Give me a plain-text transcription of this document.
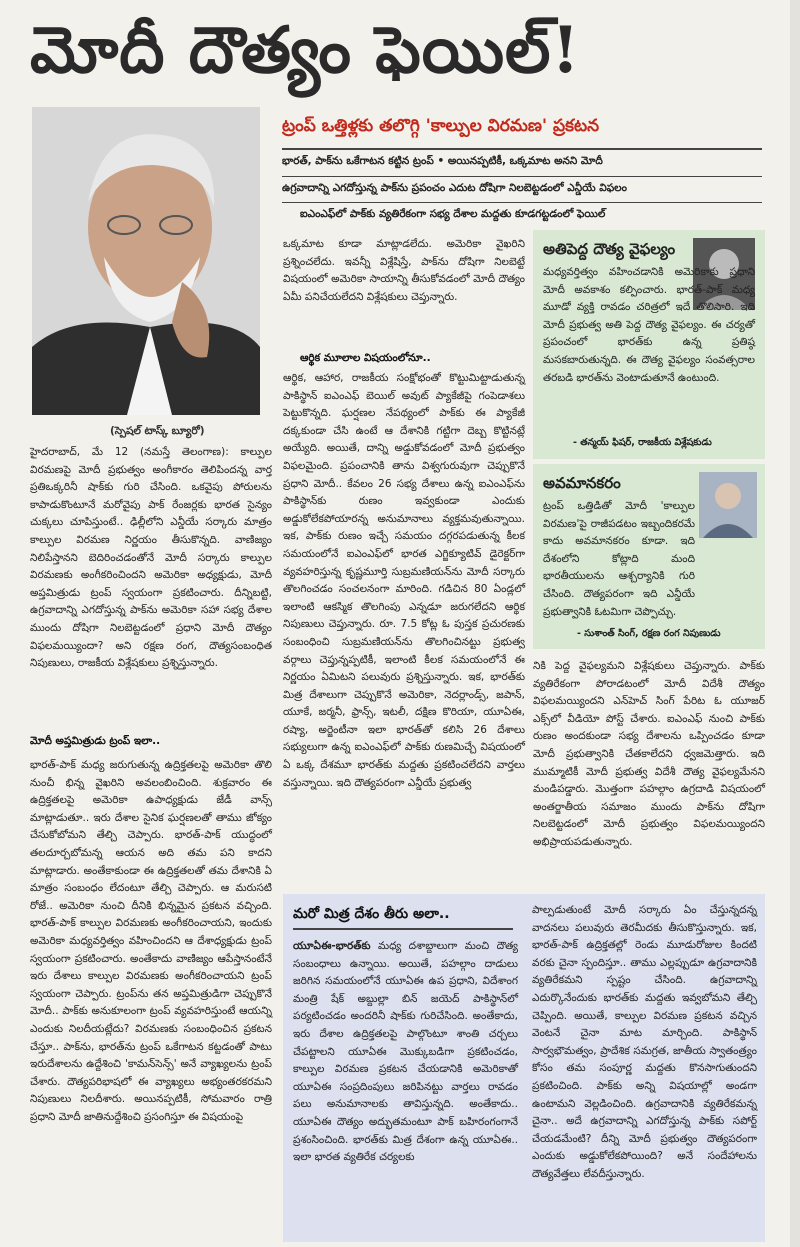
మోదీ దౌత్యం ఫెయిల్!
(స్పెషల్ టాస్క్ బ్యూరో)
ట్రంప్ ఒత్తిళ్లకు తలొగ్గి 'కాల్పుల విరమణ' ప్రకటన
భారత్, పాక్‌ను ఒకేగాటన కట్టిన ట్రంప్ • అయినప్పటికీ, ఒక్కమాట అనని మోదీ
ఉగ్రవాదాన్ని ఎగదోస్తున్న పాక్‌ను ప్రపంచం ఎదుట దోషిగా నిలబెట్టడంలో ఎన్డీయే విఫలం
ఐఎంఎఫ్‌లో పాక్‌కు వ్యతిరేకంగా సభ్య దేశాల మద్దతు కూడగట్టడంలో ఫెయిల్
హైదరాబాద్, మే 12 (నమస్తే తెలంగాణ): కాల్పుల విరమణపై మోదీ ప్రభుత్వం అంగీకారం తెలిపిందన్న వార్త ప్రతిఒక్కరినీ షాక్‌కు గురి చేసింది. ఒకవైపు పోరులను కాపాడుకొంటూనే మరోవైపు పాక్ రేంజర్లకు భారత సైన్యం చుక్కలు చూపిస్తుంటే.. ఢిల్లీలోని ఎన్డీయే సర్కారు మాత్రం కాల్పుల విరమణ నిర్ణయం తీసుకొన్నది. వాణిజ్యం నిలిపేస్తానని బెదిరించడంతోనే మోదీ సర్కారు కాల్పుల విరమణకు అంగీకరించిందని అమెరికా అధ్యక్షుడు, మోదీ అప్తమిత్రుడు ట్రంప్ స్వయంగా ప్రకటించారు. దీన్నిబట్టి, ఉగ్రవాదాన్ని ఎగదోస్తున్న పాక్‌ను అమెరికా సహా సభ్య దేశాల ముందు దోషిగా నిలబెట్టడంలో ప్రధాని మోదీ దౌత్యం విఫలమయ్యిందా? అని రక్షణ రంగ, దౌత్యసంబంధిత నిపుణులు, రాజకీయ విశ్లేషకులు ప్రశ్నిస్తున్నారు.
మోదీ అప్తమిత్రుడు ట్రంప్ ఇలా..
భారత్-పాక్ మధ్య జరుగుతున్న ఉద్రిక్తతలపై అమెరికా తొలి నుంచీ భిన్న వైఖరిని అవలంబించింది. శుక్రవారం ఈ ఉద్రిక్తతలపై అమెరికా ఉపాధ్యక్షుడు జేడీ వాన్స్ మాట్లాడుతూ.. ఇరు దేశాల సైనిక ఘర్షణలతో తాము జోక్యం చేసుకోబోమని తేల్చి చెప్పారు. భారత్-పాక్ యుద్ధంలో తలదూర్చబోమన్న ఆయన అది తమ పని కాదని మాట్లాడారు. అంతేకాకుండా ఈ ఉద్రిక్తతలతో తమ దేశానికి ఏ మాత్రం సంబంధం లేదంటూ తేల్చి చెప్పారు. ఆ మరుసటి రోజే.. అమెరికా నుంచి దీనికి భిన్నమైన ప్రకటన వచ్చింది. భారత్-పాక్ కాల్పుల విరమణకు అంగీకరించాయని, ఇందుకు అమెరికా మధ్యవర్తిత్వం వహించిందని ఆ దేశాధ్యక్షుడు ట్రంప్ స్వయంగా ప్రకటించారు. అంతేకాదు వాణిజ్యం ఆపేస్తానంటేనే ఇరు దేశాలు కాల్పుల విరమణకు అంగీకరించాయని ట్రంప్ స్వయంగా చెప్పారు. ట్రంప్‌ను తన అప్తమిత్రుడిగా చెప్పుకొనే మోదీ.. పాక్‌కు అనుకూలంగా ట్రంప్ వ్యవహరిస్తుంటే ఆయన్ని ఎందుకు నిలదీయట్లేదు? విరమణకు సంబంధించిన ప్రకటన చేస్తూ.. పాక్‌ను, భారత్‌ను ట్రంప్ ఒకేగాటన కట్టడంతో పాటు ఇరుదేశాలను ఉద్దేశించి 'కామన్‌సెన్స్' అనే వ్యాఖ్యలను ట్రంప్ చేశారు. దౌత్యపరిభాషలో ఈ వ్యాఖ్యలు అభ్యంతరకరమని నిపుణులు నిలదీశారు. అయినప్పటికీ, సోమవారం రాత్రి ప్రధాని మోదీ జాతినుద్దేశించి ప్రసంగిస్తూ ఈ విషయంపై
ఒక్కమాట కూడా మాట్లాడలేదు. అమెరికా వైఖరిని ప్రశ్నించలేదు. ఇవన్నీ విశ్లేషిస్తే, పాక్‌ను దోషిగా నిలబెట్టే విషయంలో అమెరికా సాయాన్ని తీసుకోవడంలో మోదీ దౌత్యం ఏమీ పనిచేయలేదని విశ్లేషకులు చెప్తున్నారు.
ఆర్థిక మూలాల విషయంలోనూ..
ఆర్థిక, ఆహార, రాజకీయ సంక్షోభంతో కొట్టుమిట్టాడుతున్న పాకిస్థాన్ ఐఎంఎఫ్ బెయిల్ అవుట్ ప్యాకేజీపై గంపెడాశలు పెట్టుకొన్నది. ఘర్షణల నేపథ్యంలో పాక్‌కు ఈ ప్యాకేజీ దక్కకుండా చేసి ఉంటే ఆ దేశానికి గట్టిగా దెబ్బ కొట్టినట్లే అయ్యేది. అయితే, దాన్ని అడ్డుకోవడంలో మోదీ ప్రభుత్వం విఫలమైంది. ప్రపంచానికి తాను విశ్వగురువుగా చెప్పుకొనే ప్రధాని మోదీ.. కేవలం 26 సభ్య దేశాలు ఉన్న ఐఎంఎఫ్‌ను పాకిస్థాన్‌కు రుణం ఇవ్వకుండా ఎందుకు అడ్డుకోలేకపోయారన్న అనుమానాలు వ్యక్తమవుతున్నాయి. ఇక, పాక్‌కు రుణం ఇచ్చే సమయం దగ్గరపడుతున్న కీలక సమయంలోనే ఐఎంఎఫ్‌లో భారత ఎగ్జిక్యూటివ్ డైరెక్టర్‌గా వ్యవహరిస్తున్న కృష్ణమూర్తి సుబ్రమణియన్‌ను మోదీ సర్కారు తొలగించడం సంచలనంగా మారింది. గడిచిన 80 ఏండ్లలో ఇలాంటి ఆకస్మిక తొలగింపు ఎన్నడూ జరుగలేదని ఆర్థిక నిపుణులు చెప్తున్నారు. రూ. 7.5 కోట్ల ఓ పుస్తక ప్రచురణకు సంబంధించి సుబ్రమణియన్‌ను తొలగించినట్టు ప్రభుత్వ వర్గాలు చెప్తున్నప్పటికీ, ఇలాంటి కీలక సమయంలోనే ఈ నిర్ణయం ఏమిటని పలువురు ప్రశ్నిస్తున్నారు. ఇక, భారత్‌కు మిత్ర దేశాలుగా చెప్పుకొనే అమెరికా, నెదర్లాండ్స్, జపాన్, యూకే, జర్మనీ, ఫ్రాన్స్, ఇటలీ, దక్షిణ కొరియా, యూఏఈ, రష్యా, అర్జెంటీనా ఇలా భారత్‌తో కలిసి 26 దేశాలు సభ్యులుగా ఉన్న ఐఎంఎఫ్‌లో పాక్‌కు రుణమిచ్చే విషయంలో ఏ ఒక్క దేశమూ భారత్‌కు మద్దతు ప్రకటించలేదని వార్తలు వస్తున్నాయి. ఇది దౌత్యపరంగా ఎన్డీయే ప్రభుత్వ
అతిపెద్ద దౌత్య వైఫల్యం
మధ్యవర్తిత్వం వహించడానికి అమెరికాకు ప్రధాని మోదీ అవకాశం కల్పించారు. భారత్-పాక్ మధ్య మూడో వ్యక్తి రావడం చరిత్రలో ఇదే తొలిసారి. ఇది మోదీ ప్రభుత్వ అతి పెద్ద దౌత్య వైఫల్యం. ఈ చర్యతో ప్రపంచంలో భారత్‌కు ఉన్న ప్రతిష్ఠ మసకబారుతున్నది. ఈ దౌత్య వైఫల్యం సంవత్సరాల తరబడి భారత్‌ను వెంటాడుతూనే ఉంటుంది.
- తన్మయ్ ఫిషర్, రాజకీయ విశ్లేషకుడు
అవమానకరం
ట్రంప్ ఒత్తిడితో మోదీ 'కాల్పుల విరమణ'పై రాజీపడటం ఇబ్బందికరమే కాదు అవమానకరం కూడా. ఇది దేశంలోని కోట్లాది మంది భారతీయులను ఆశ్చర్యానికి గురి చేసింది. దౌత్యపరంగా ఇది ఎన్డీయే ప్రభుత్వానికి ఓటమిగా చెప్పొచ్చు.
- సుశాంత్ సింగ్, రక్షణ రంగ నిపుణుడు
నికి పెద్ద వైఫల్యమని విశ్లేషకులు చెప్తున్నారు. పాక్‌కు వ్యతిరేకంగా పోరాడటంలో మోదీ విదేశీ దౌత్యం విఫలమయ్యిందని ఎన్‌హెచ్ సింగ్ పేరిట ఓ యూజర్ ఎక్స్‌లో వీడియో పోస్ట్ చేశారు. ఐఎంఎఫ్ నుంచి పాక్‌కు రుణం అందకుండా సభ్య దేశాలను ఒప్పించడం కూడా మోదీ ప్రభుత్వానికి చేతకాలేదని ధ్వజమెత్తారు. ఇది ముమ్మాటికీ మోదీ ప్రభుత్వ విదేశీ దౌత్య వైఫల్యమేనని మండిపడ్డారు. మొత్తంగా పహల్గాం ఉగ్రదాడి విషయంలో అంతర్జాతీయ సమాజం ముందు పాక్‌ను దోషిగా నిలబెట్టడంలో మోదీ ప్రభుత్వం విఫలమయ్యిందని అభిప్రాయపడుతున్నారు.
మరో మిత్ర దేశం తీరు అలా..
యూఏఈ-భారత్‌కు మధ్య దశాబ్దాలుగా మంచి దౌత్య సంబంధాలు ఉన్నాయి. అయితే, పహల్గాం దాడులు జరిగిన సమయంలోనే యూఏఈ ఉప ప్రధాని, విదేశాంగ మంత్రి షేక్ అబ్దుల్లా బిన్ జయెద్ పాకిస్థాన్‌లో పర్యటించడం అందరినీ షాక్‌కు గురిచేసింది. అంతేకాదు, ఇరు దేశాల ఉద్రిక్తతలపై పాల్గొంటూ శాంతి చర్చలు చేపట్టాలని యూఏఈ మొక్కుబడిగా ప్రకటించడం, కాల్పుల విరమణ ప్రకటన చేయడానికి అమెరికాతో యూఏఈ సంప్రదింపులు జరిపినట్టు వార్తలు రావడం పలు అనుమానాలకు తావిస్తున్నది. అంతేకాదు.. యూఏఈ దౌత్యం అద్భుతమంటూ పాక్ బహిరంగంగానే ప్రశంసించింది. భారత్‌కు మిత్ర దేశంగా ఉన్న యూఏఈ.. ఇలా భారత వ్యతిరేక చర్యలకు
పాల్పడుతుంటే మోదీ సర్కారు ఏం చేస్తున్నదన్న వాదనలు పలువురు తెరమీదకు తీసుకొస్తున్నారు. ఇక, భారత్-పాక్ ఉద్రిక్తతల్లో రెండు మూడురోజుల కిందటి వరకు చైనా స్పందిస్తూ.. తాము ఎల్లప్పుడూ ఉగ్రవాదానికి వ్యతిరేకమని స్పష్టం చేసింది. ఉగ్రవాదాన్ని ఎదుర్కొనేందుకు భారత్‌కు మద్దతు ఇవ్వబోమని తేల్చి చెప్పింది. అయితే, కాల్పుల విరమణ ప్రకటన వచ్చిన వెంటనే చైనా మాట మార్చింది. పాకిస్థాన్ సార్వభౌమత్వం, ప్రాదేశిక సమగ్రత, జాతీయ స్వాతంత్ర్యం కోసం తమ సంపూర్ణ మద్దతు కొనసాగుతుందని ప్రకటించింది. పాక్‌కు అన్ని విషయాల్లో అండగా ఉంటామని వెల్లడించింది. ఉగ్రవాదానికి వ్యతిరేకమన్న చైనా.. అదే ఉగ్రవాదాన్ని ఎగదోస్తున్న పాక్‌కు సపోర్ట్ చేయడమేంటి? దీన్ని మోదీ ప్రభుత్వం దౌత్యపరంగా ఎందుకు అడ్డుకోలేకపోయింది? అనే సందేహాలను దౌత్యవేత్తలు లేవదీస్తున్నారు.
